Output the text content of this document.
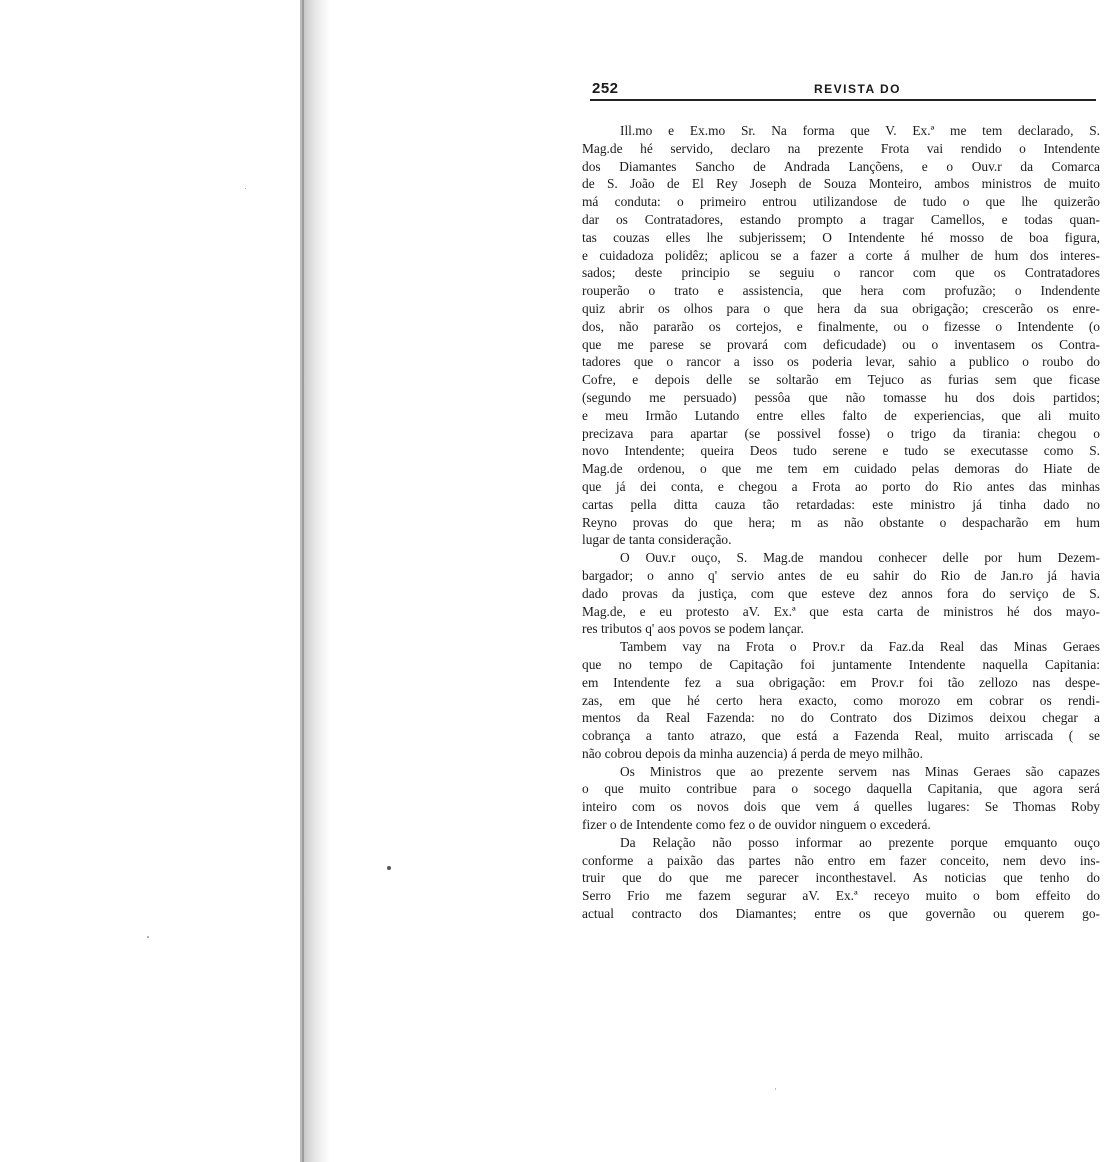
252	REVISTA DO
Ill.mo e Ex.mo Sr. Na forma que V. Ex.ª me tem declarado, S.
Mag.de hé servido, declaro na prezente Frota vai rendido o Intendente
dos Diamantes Sancho de Andrada Lançõens, e o Ouv.r da Comarca
de S. João de El Rey Joseph de Souza Monteiro, ambos ministros de muito
má conduta: o primeiro entrou utilizandose de tudo o que lhe quizerão
dar os Contratadores, estando prompto a tragar Camellos, e todas quan-
tas couzas elles lhe subjerissem; O Intendente hé mosso de boa figura,
e cuidadoza polidêz; aplicou se a fazer a corte á mulher de hum dos interes-
sados; deste principio se seguiu o rancor com que os Contratadores
rouperão o trato e assistencia, que hera com profuzão; o Indendente
quiz abrir os olhos para o que hera da sua obrigação; crescerão os enre-
dos, não pararão os cortejos, e finalmente, ou o fizesse o Intendente (o
que me parese se provará com deficudade) ou o inventasem os Contra-
tadores que o rancor a isso os poderia levar, sahio a publico o roubo do
Cofre, e depois delle se soltarão em Tejuco as furias sem que ficase
(segundo me persuado) pessôa que não tomasse hu dos dois partidos;
e meu Irmão Lutando entre elles falto de experiencias, que ali muito
precizava para apartar (se possivel fosse) o trigo da tirania: chegou o
novo Intendente; queira Deos tudo serene e tudo se executasse como S.
Mag.de ordenou, o que me tem em cuidado pelas demoras do Hiate de
que já dei conta, e chegou a Frota ao porto do Rio antes das minhas
cartas pella ditta cauza tão retardadas: este ministro já tinha dado no
Reyno provas do que hera; m as não obstante o despacharão em hum
lugar de tanta consideração.
O Ouv.r ouço, S. Mag.de mandou conhecer delle por hum Dezem-
bargador; o anno q' servio antes de eu sahir do Rio de Jan.ro já havia
dado provas da justiça, com que esteve dez annos fora do serviço de S.
Mag.de, e eu protesto aV. Ex.ª que esta carta de ministros hé dos mayo-
res tributos q' aos povos se podem lançar.
Tambem vay na Frota o Prov.r da Faz.da Real das Minas Geraes
que no tempo de Capitação foi juntamente Intendente naquella Capitania:
em Intendente fez a sua obrigação: em Prov.r foi tão zellozo nas despe-
zas, em que hé certo hera exacto, como morozo em cobrar os rendi-
mentos da Real Fazenda: no do Contrato dos Dizimos deixou chegar a
cobrança a tanto atrazo, que está a Fazenda Real, muito arriscada ( se
não cobrou depois da minha auzencia) á perda de meyo milhão.
Os Ministros que ao prezente servem nas Minas Geraes são capazes
o que muito contribue para o socego daquella Capitania, que agora será
inteiro com os novos dois que vem á quelles lugares: Se Thomas Roby
fizer o de Intendente como fez o de ouvidor ninguem o excederá.
Da Relação não posso informar ao prezente porque emquanto ouço
conforme a paixão das partes não entro em fazer conceito, nem devo ins-
truir que do que me parecer inconthestavel. As noticias que tenho do
Serro Frio me fazem segurar aV. Ex.ª receyo muito o bom effeito do
actual contracto dos Diamantes; entre os que governão ou querem go-
